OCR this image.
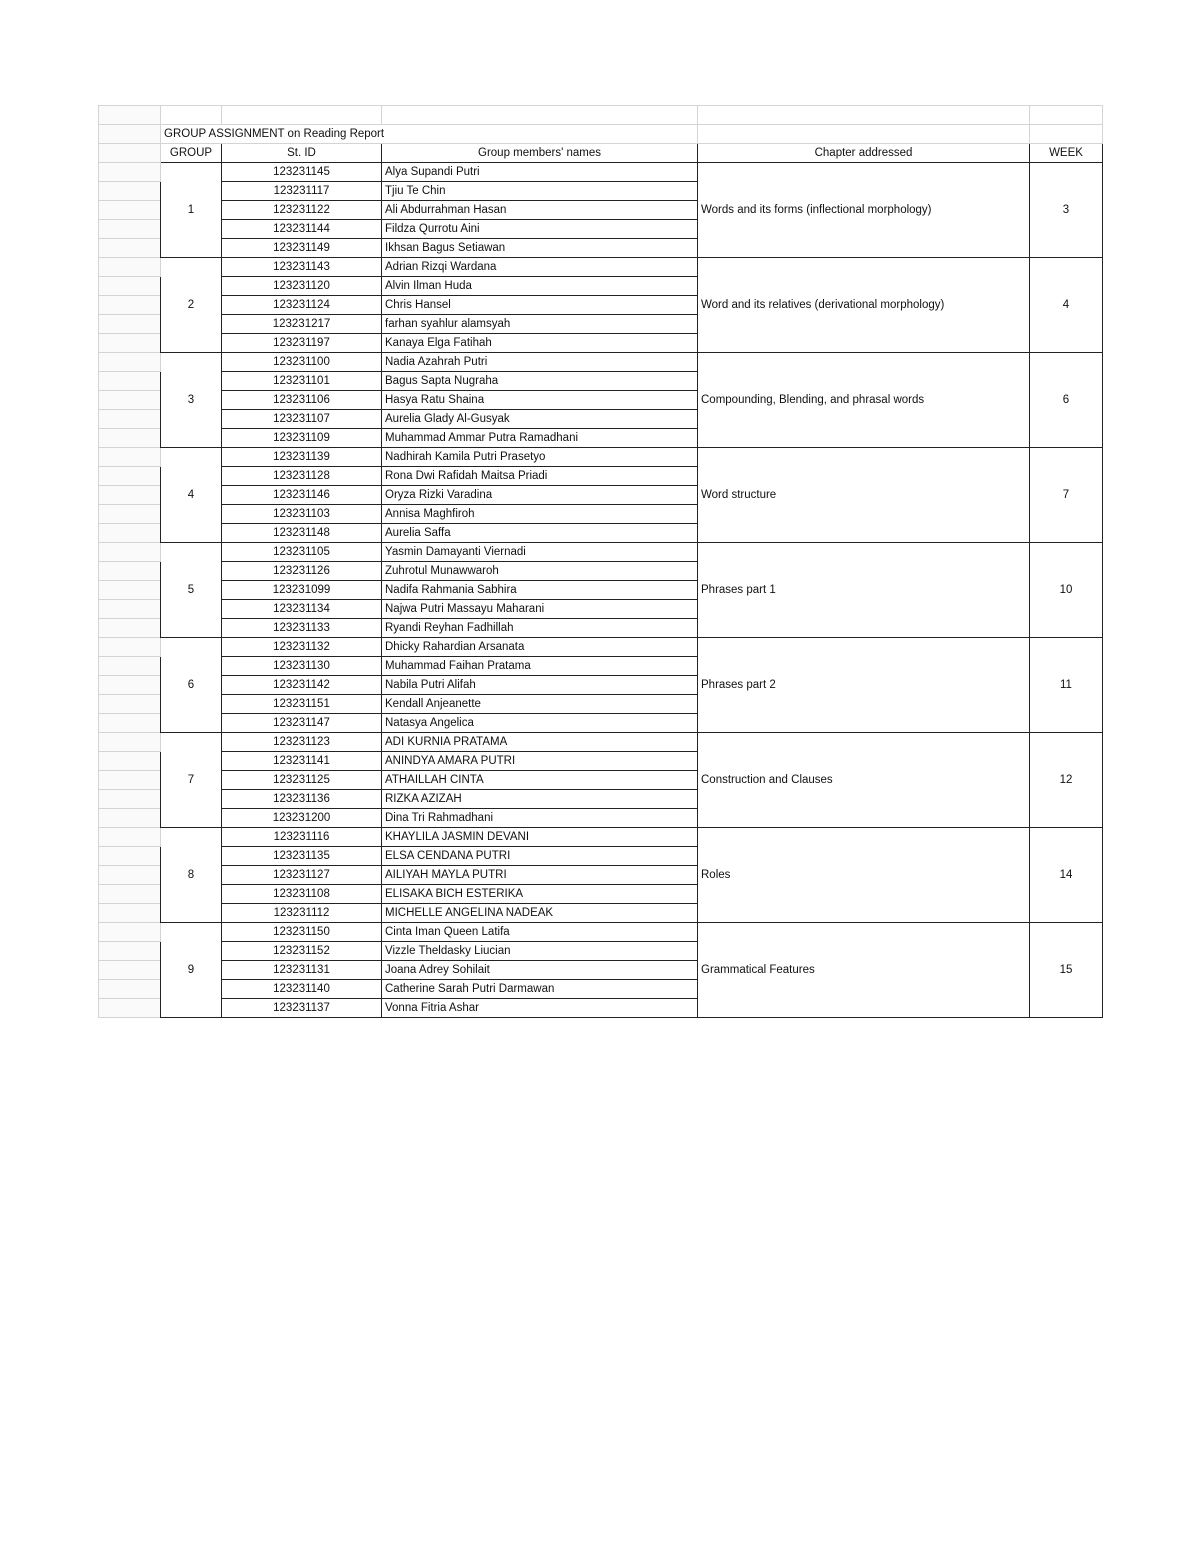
	GROUP ASSIGNMENT on Reading Report				
	GROUP	St. ID	Group members' names	Chapter addressed	WEEK
	1	123231145	Alya Supandi Putri	Words and its forms (inflectional morphology)	3
		123231117	Tjiu Te Chin		
		123231122	Ali Abdurrahman Hasan		
		123231144	Fildza Qurrotu Aini		
		123231149	Ikhsan Bagus Setiawan		
	2	123231143	Adrian Rizqi Wardana	Word and its relatives (derivational morphology)	4
		123231120	Alvin Ilman Huda		
		123231124	Chris Hansel		
		123231217	farhan syahlur alamsyah		
		123231197	Kanaya Elga Fatihah		
	3	123231100	Nadia Azahrah Putri	Compounding, Blending, and phrasal words	6
		123231101	Bagus Sapta Nugraha		
		123231106	Hasya Ratu Shaina		
		123231107	Aurelia Glady Al-Gusyak		
		123231109	Muhammad Ammar Putra Ramadhani		
	4	123231139	Nadhirah Kamila Putri Prasetyo	Word structure	7
		123231128	Rona Dwi Rafidah Maitsa Priadi		
		123231146	Oryza Rizki Varadina		
		123231103	Annisa Maghfiroh		
		123231148	Aurelia Saffa		
	5	123231105	Yasmin Damayanti Viernadi	Phrases part 1	10
		123231126	Zuhrotul Munawwaroh		
		123231099	Nadifa Rahmania Sabhira		
		123231134	Najwa Putri Massayu Maharani		
		123231133	Ryandi Reyhan Fadhillah		
	6	123231132	Dhicky Rahardian Arsanata	Phrases part 2	11
		123231130	Muhammad Faihan Pratama		
		123231142	Nabila Putri Alifah		
		123231151	Kendall Anjeanette		
		123231147	Natasya Angelica		
	7	123231123	ADI KURNIA PRATAMA	Construction and Clauses	12
		123231141	ANINDYA AMARA PUTRI		
		123231125	ATHAILLAH CINTA		
		123231136	RIZKA AZIZAH		
		123231200	Dina Tri Rahmadhani		
	8	123231116	KHAYLILA JASMIN DEVANI	Roles	14
		123231135	ELSA CENDANA PUTRI		
		123231127	AILIYAH MAYLA PUTRI		
		123231108	ELISAKA BICH ESTERIKA		
		123231112	MICHELLE ANGELINA NADEAK		
	9	123231150	Cinta Iman Queen Latifa	Grammatical Features	15
		123231152	Vizzle Theldasky Liucian		
		123231131	Joana Adrey Sohilait		
		123231140	Catherine Sarah Putri Darmawan		
		123231137	Vonna Fitria Ashar		
